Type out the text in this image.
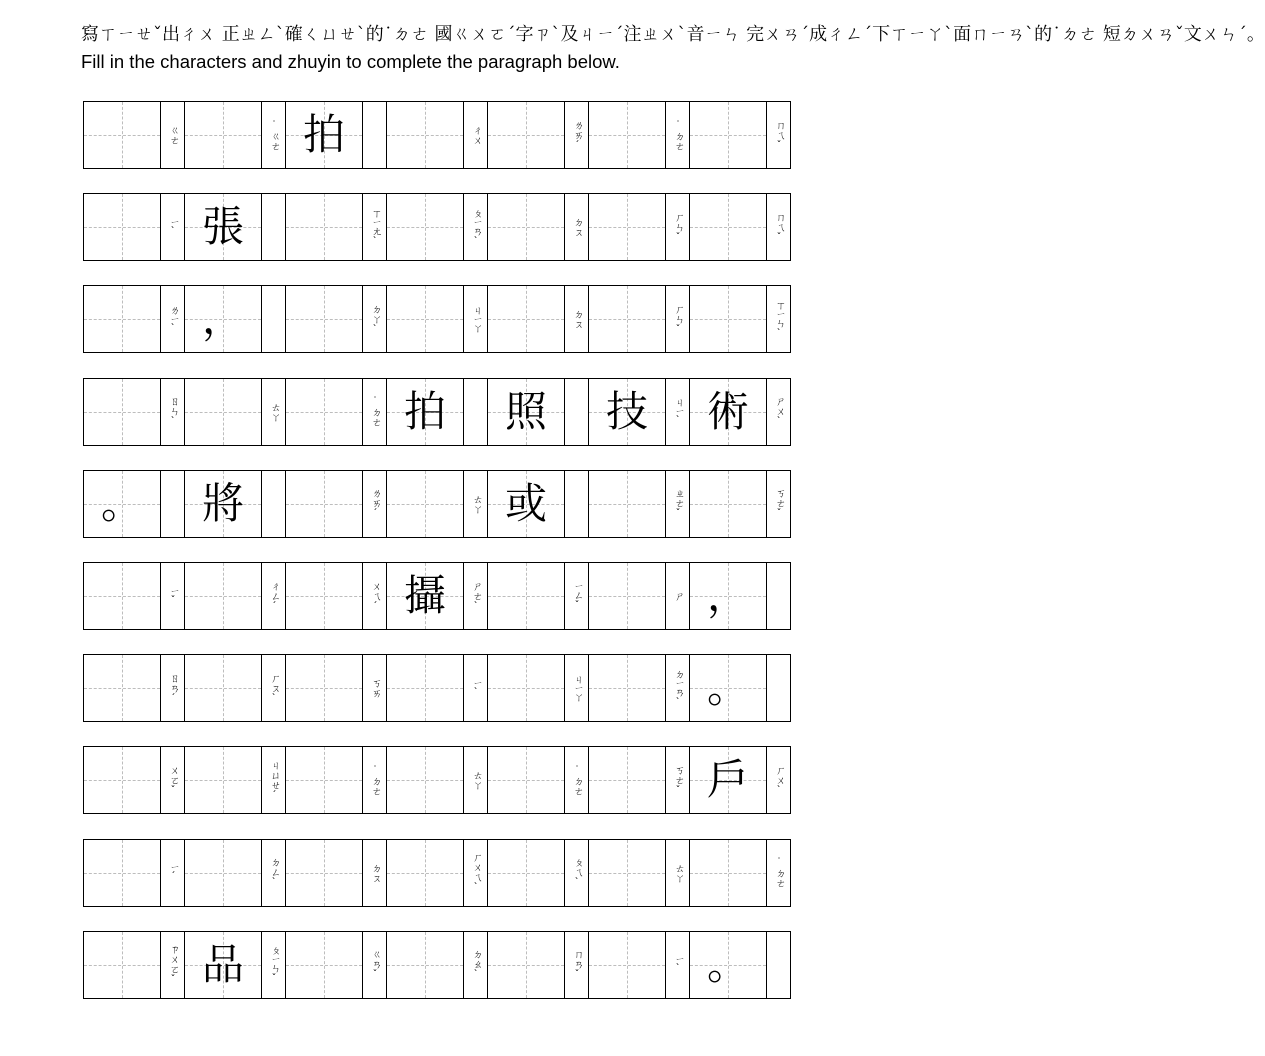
寫ㄒㄧㄝˇ出ㄔㄨ 正ㄓㄥˋ確ㄑㄩㄝˋ的˙ㄉㄜ 國ㄍㄨㄛˊ字ㄗˋ及ㄐㄧˊ注ㄓㄨˋ音ㄧㄣ 完ㄨㄢˊ成ㄔㄥˊ下ㄒㄧㄚˋ面ㄇㄧㄢˋ的˙ㄉㄜ 短ㄉㄨㄢˇ文ㄨㄣˊ。
Fill in the characters and zhuyin to complete the paragraph below.
ㄍㄜ	˙ㄍㄜ 拍	ㄔㄨ	ㄌㄞˊ	˙ㄉㄜ	ㄇㄟˇ
ㄧˋ 張	ㄒㄧㄤˋ	ㄆㄧㄢˋ	ㄉㄡ	ㄏㄣˇ	ㄇㄟˇ
ㄌㄧˋ ，	ㄉㄚˋ	ㄐㄧㄚ	ㄉㄡ	ㄏㄣˇ	ㄒㄧㄣˋ
ㄖㄣˋ	ㄊㄚ	˙ㄉㄜ 拍	照	技	ㄐㄧˋ 術	ㄕㄨˋ
。	將	ㄌㄞˊ	ㄊㄚ 或	ㄓㄜˇ	ㄎㄜˇ
ㄧˇ	ㄔㄥˊ	ㄨㄟˊ 攝	ㄕㄜˋ	ㄧㄥˇ	ㄕ ，
ㄖㄢˊ	ㄏㄡˋ	ㄎㄞ	ㄧˋ	ㄐㄧㄚ	ㄉㄧㄢˋ 。
ㄨㄛˇ	ㄐㄩㄝˊ	˙ㄉㄜ	ㄊㄚ	˙ㄉㄜ	ㄎㄜˇ 戶	ㄏㄨˋ
ㄧˊ	ㄉㄥˋ	ㄉㄡ	ㄏㄨㄟˋ	ㄆㄟˋ	ㄊㄚ	˙ㄉㄜ
ㄗㄨㄛˇ 品	ㄆㄧㄣˇ	ㄍㄢˇ	ㄉㄠˋ	ㄇㄢˇ	ㄧˋ 。
